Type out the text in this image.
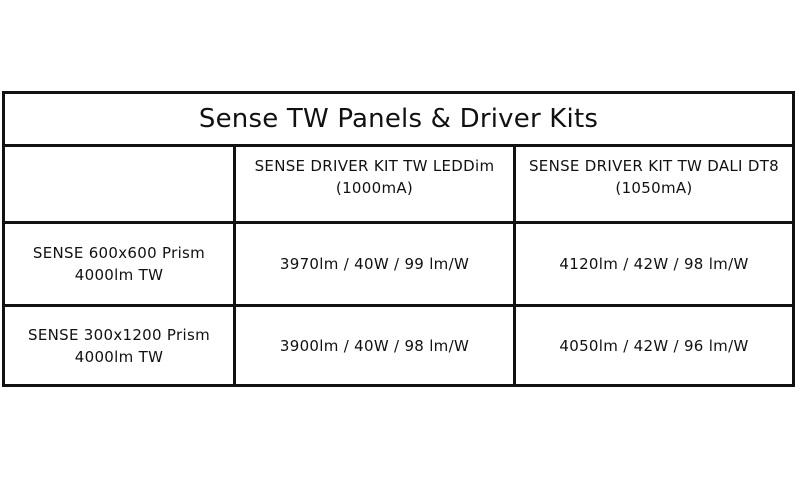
Sense TW Panels & Driver Kits
SENSE DRIVER KIT TW LEDDim
(1000mA)
SENSE DRIVER KIT TW DALI DT8
(1050mA)
SENSE 600x600 Prism
4000lm TW
3970lm / 40W / 99 lm/W	4120lm / 42W / 98 lm/W
SENSE 300x1200 Prism
4000lm TW
3900lm / 40W / 98 lm/W	4050lm / 42W / 96 lm/W
